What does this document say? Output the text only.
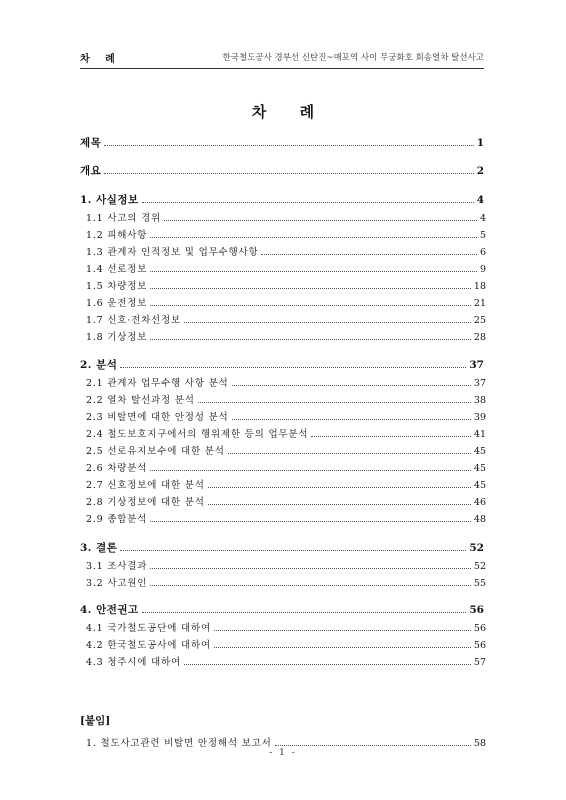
차 례	한국철도공사 경부선 신탄진~매포역 사이 무궁화호 회송열차 탈선사고
차 례
제목	1
개요	2
1. 사실정보	4
1.1 사고의 경위	4
1.2 피해사항	5
1.3 관계자 인적정보 및 업무수행사항	6
1.4 선로정보	9
1.5 차량정보	18
1.6 운전정보	21
1.7 신호·전차선정보	25
1.8 기상정보	28
2. 분석	37
2.1 관계자 업무수행 사항 분석	37
2.2 열차 탈선과정 분석	38
2.3 비탈면에 대한 안정성 분석	39
2.4 철도보호지구에서의 행위제한 등의 업무분석	41
2.5 선로유지보수에 대한 분석	45
2.6 차량분석	45
2.7 신호정보에 대한 분석	45
2.8 기상정보에 대한 분석	46
2.9 종합분석	48
3. 결론	52
3.1 조사결과	52
3.2 사고원인	55
4. 안전권고	56
4.1 국가철도공단에 대하여	56
4.2 한국철도공사에 대하여	56
4.3 청주시에 대하여	57
[붙임]
1. 철도사고관련 비탈면 안정해석 보고서	58
- 1 -
